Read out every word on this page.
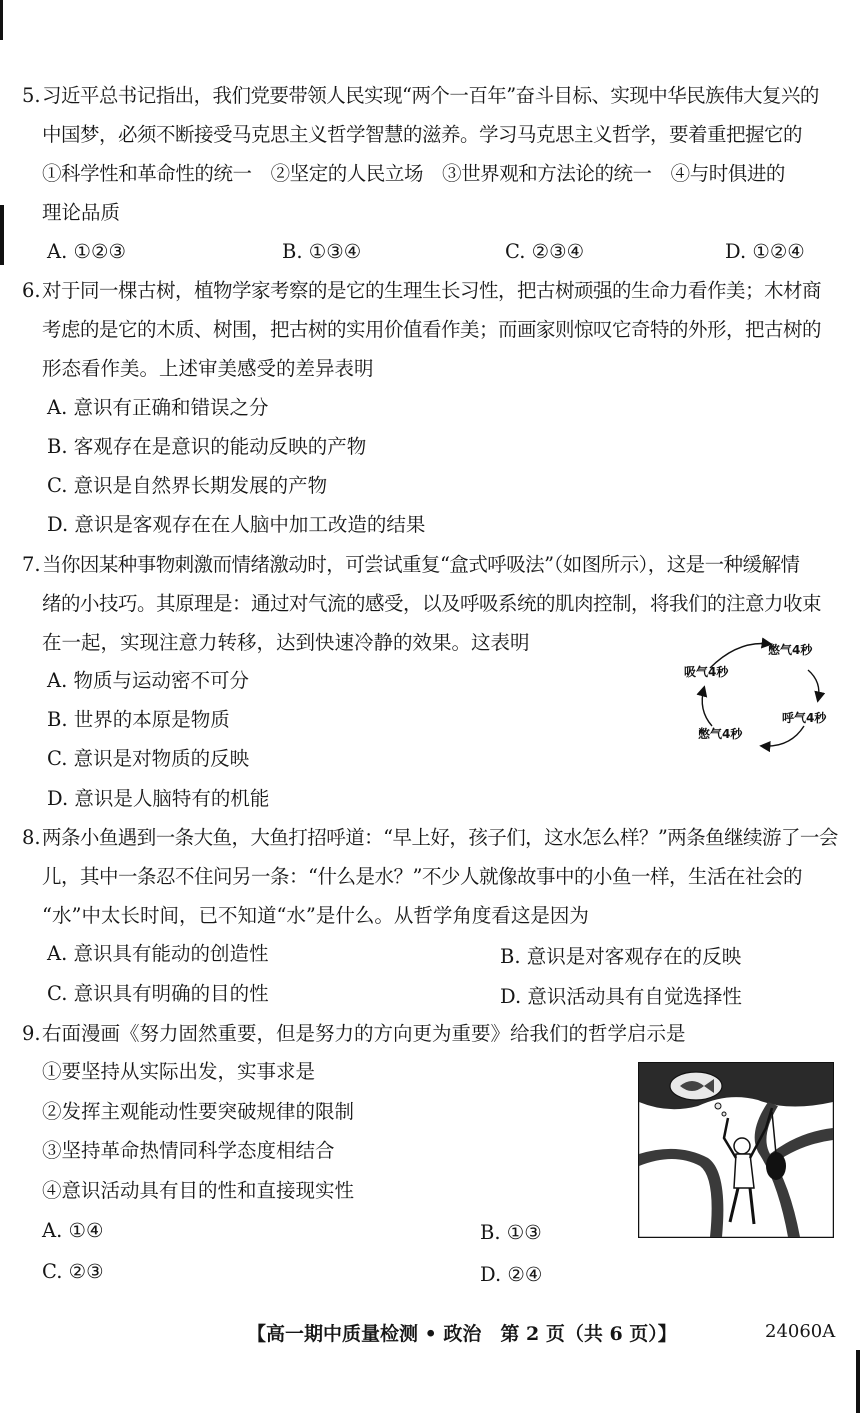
5. 习近平总书记指出，我们党要带领人民实现“两个一百年”奋斗目标、实现中华民族伟大复兴的
中国梦，必须不断接受马克思主义哲学智慧的滋养。学习马克思主义哲学，要着重把握它的
①科学性和革命性的统一　②坚定的人民立场　③世界观和方法论的统一　④与时俱进的
理论品质
A. ①②③	B. ①③④	C. ②③④	D. ①②④
6. 对于同一棵古树，植物学家考察的是它的生理生长习性，把古树顽强的生命力看作美；木材商
考虑的是它的木质、树围，把古树的实用价值看作美；而画家则惊叹它奇特的外形，把古树的
形态看作美。上述审美感受的差异表明
A. 意识有正确和错误之分
B. 客观存在是意识的能动反映的产物
C. 意识是自然界长期发展的产物
D. 意识是客观存在在人脑中加工改造的结果
7. 当你因某种事物刺激而情绪激动时，可尝试重复“盒式呼吸法”（如图所示），这是一种缓解情
绪的小技巧。其原理是：通过对气流的感受，以及呼吸系统的肌肉控制，将我们的注意力收束
在一起，实现注意力转移，达到快速冷静的效果。这表明
A. 物质与运动密不可分
B. 世界的本原是物质
C. 意识是对物质的反映
D. 意识是人脑特有的机能
憋气4秒
呼气4秒
憋气4秒
吸气4秒
8. 两条小鱼遇到一条大鱼，大鱼打招呼道：“早上好，孩子们，这水怎么样？”两条鱼继续游了一会
儿，其中一条忍不住问另一条：“什么是水？”不少人就像故事中的小鱼一样，生活在社会的
“水”中太长时间，已不知道“水”是什么。从哲学角度看这是因为
A. 意识具有能动的创造性	B. 意识是对客观存在的反映
C. 意识具有明确的目的性	D. 意识活动具有自觉选择性
9. 右面漫画《努力固然重要，但是努力的方向更为重要》给我们的哲学启示是
①要坚持从实际出发，实事求是
②发挥主观能动性要突破规律的限制
③坚持革命热情同科学态度相结合
④意识活动具有目的性和直接现实性
A. ①④	B. ①③
C. ②③	D. ②④
【高一期中质量检测 • 政治　第 2 页（共 6 页）】	24060A
